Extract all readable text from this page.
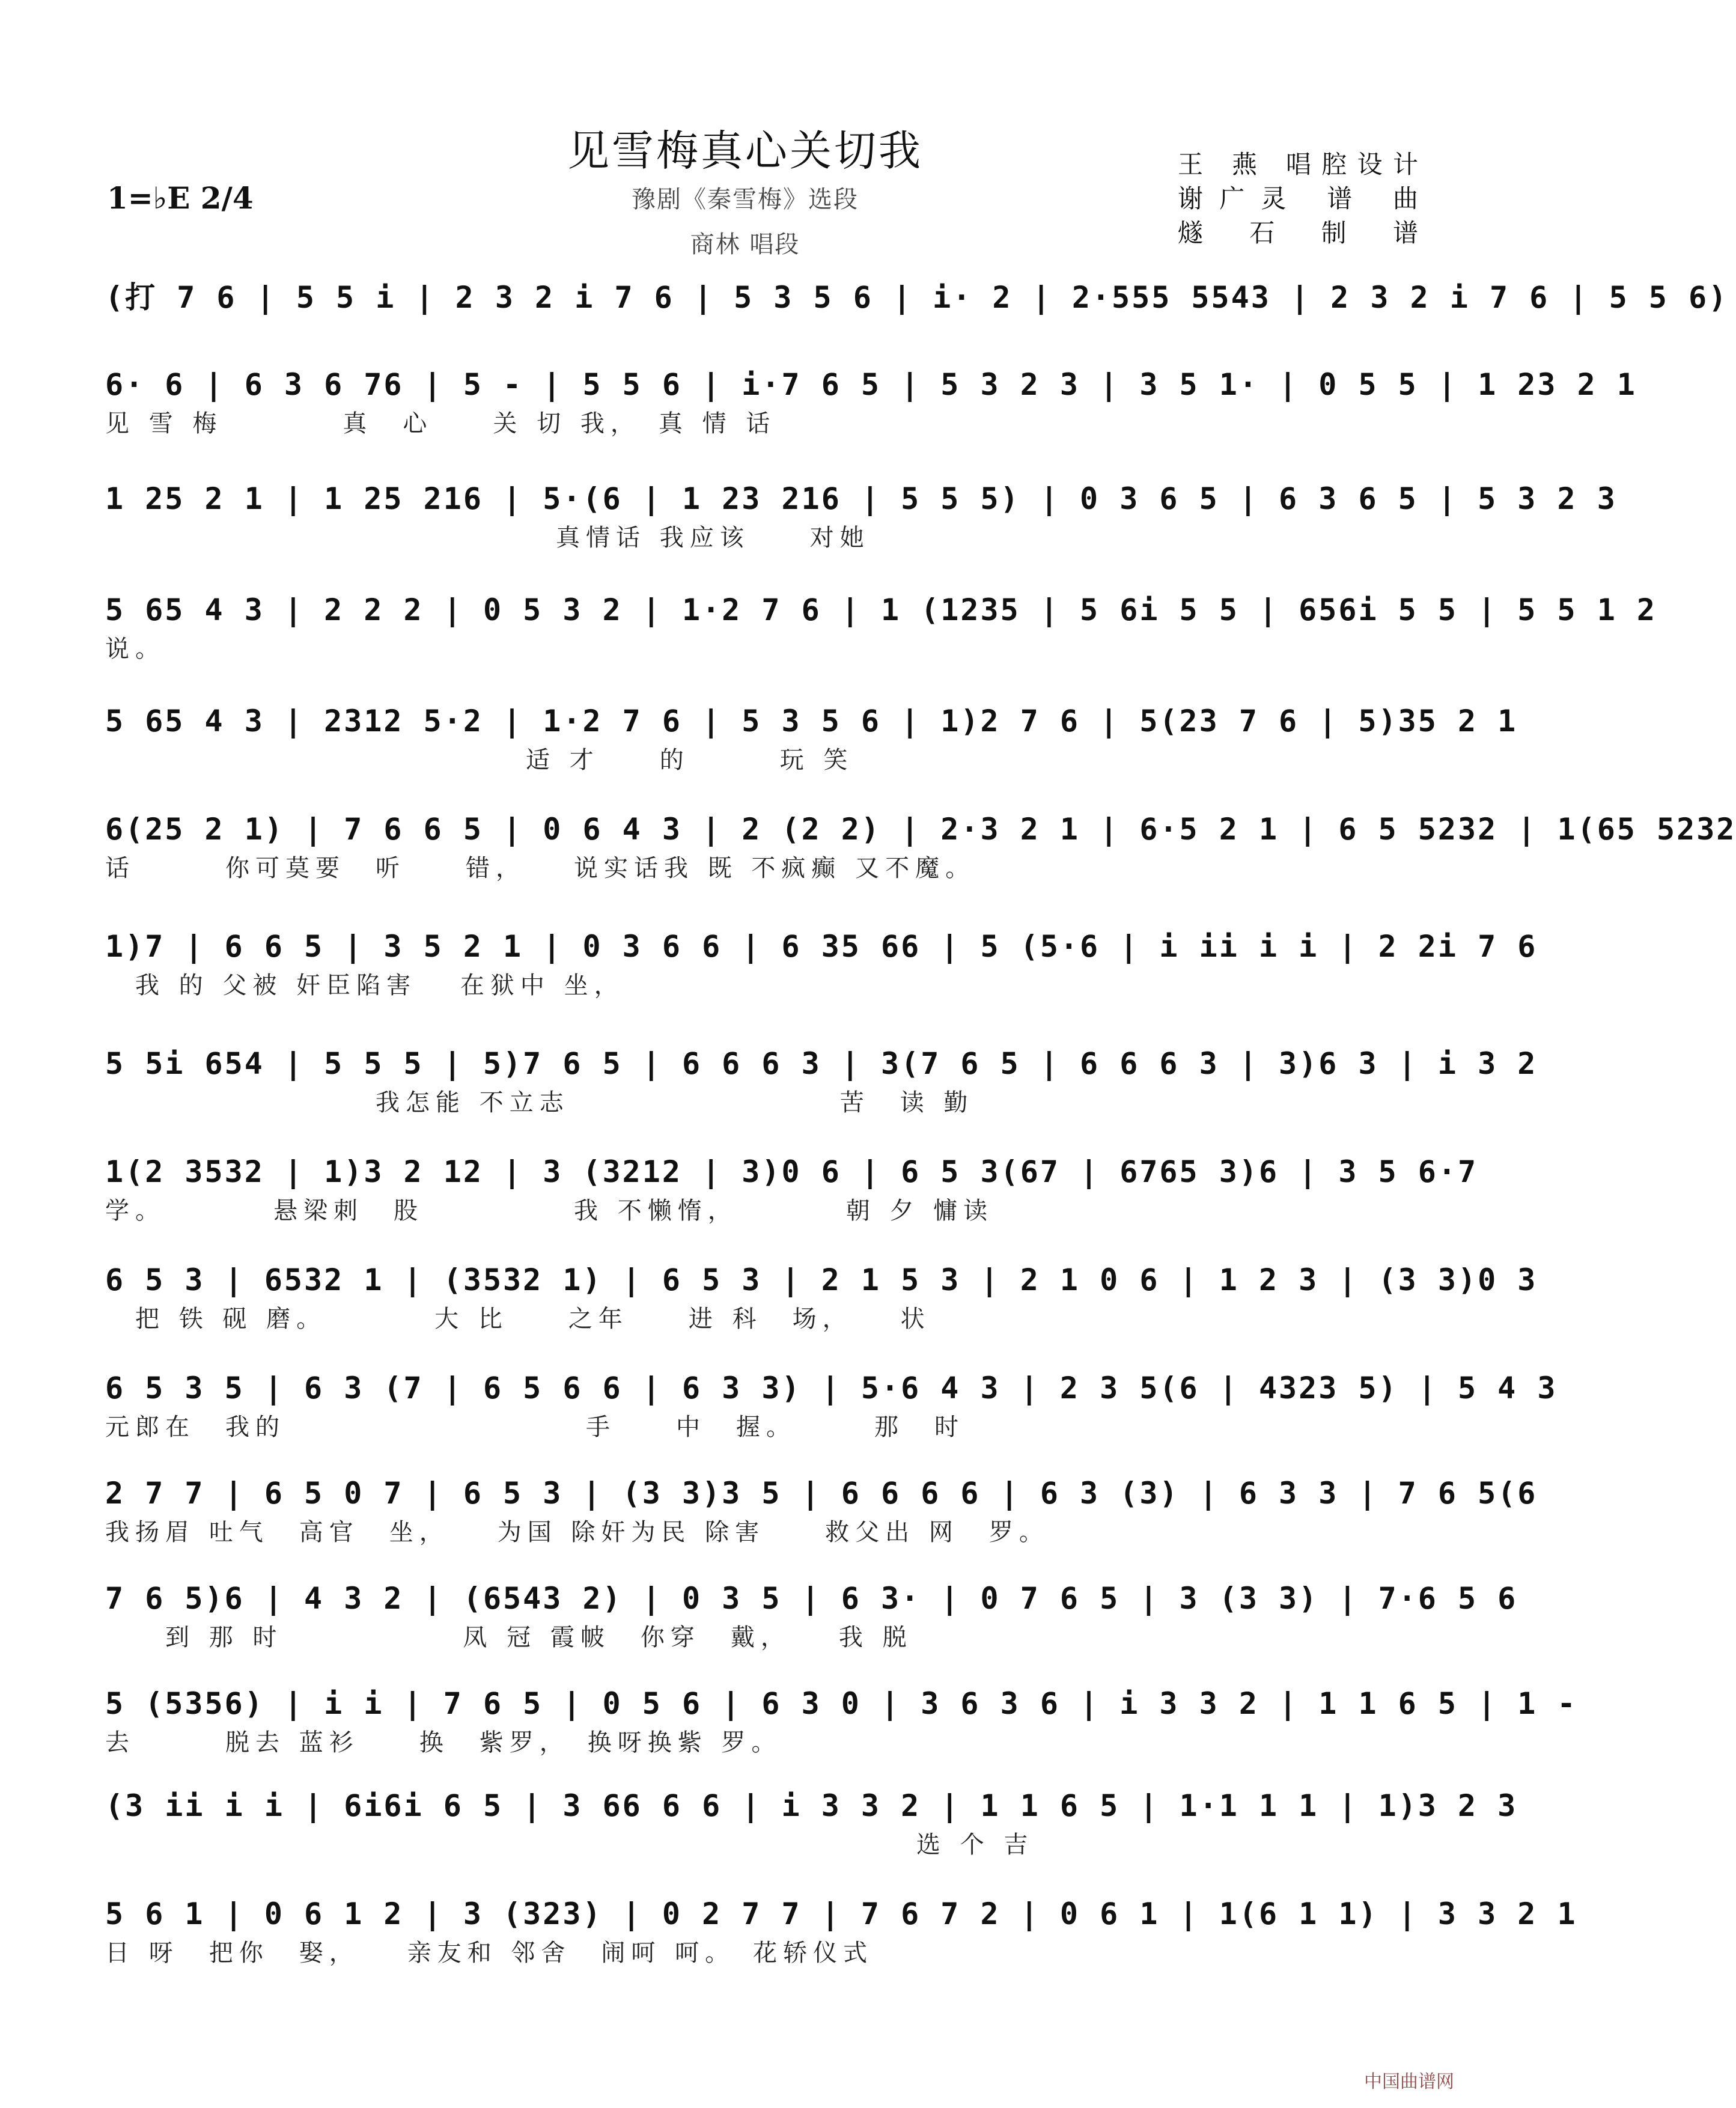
见雪梅真心关切我
豫剧《秦雪梅》选段
商林 唱段
1=♭E 2/4
王 燕 唱腔设计
谢广灵 谱 曲
燧 石 制 谱
(打 7 6 | 5 5 i | 2 3 2 i 7 6 | 5 3 5 6 | i· 2 | 2·555 5543 | 2 3 2 i 7 6 | 5 5 6)
6· 6 | 6 3 6 76 | 5 - | 5 5 6 | i·7 6 5 | 5 3 2 3 | 3 5 1· | 0 5 5 | 1 23 2 1
见 雪 梅　　　　真　心　　关 切 我，　真 情 话
1 25 2 1 | 1 25 216 | 5·(6 | 1 23 216 | 5 5 5) | 0 3 6 5 | 6 3 6 5 | 5 3 2 3
　　　　　　　　　　　　　　　真情话 我应该　　对她
5 65 4 3 | 2 2 2 | 0 5 3 2 | 1·2 7 6 | 1 (1235 | 5 6i 5 5 | 656i 5 5 | 5 5 1 2
说。
5 65 4 3 | 2312 5·2 | 1·2 7 6 | 5 3 5 6 | 1)2 7 6 | 5(23 7 6 | 5)35 2 1
　　　　　　　　　　　　　　适 才　　的　　　玩 笑
6(25 2 1) | 7 6 6 5 | 0 6 4 3 | 2 (2 2) | 2·3 2 1 | 6·5 2 1 | 6 5 5232 | 1(65 5232
话　　　你可莫要　听　　错，　　说实话我 既 不疯癫 又不魔。
1)7 | 6 6 5 | 3 5 2 1 | 0 3 6 6 | 6 35 66 | 5 (5·6 | i ii i i | 2 2i 7 6
　我 的 父被 奸臣陷害 　在狱中 坐，
5 5i 654 | 5 5 5 | 5)7 6 5 | 6 6 6 3 | 3(7 6 5 | 6 6 6 3 | 3)6 3 | i 3 2
　　　　　　　　　我怎能 不立志　　　　　　　　　苦　读 勤
1(2 3532 | 1)3 2 12 | 3 (3212 | 3)0 6 | 6 5 3(67 | 6765 3)6 | 3 5 6·7
学。　　　　悬梁刺　股　　　　　我 不懒惰，　　　　朝 夕 慵读
6 5 3 | 6532 1 | (3532 1) | 6 5 3 | 2 1 5 3 | 2 1 0 6 | 1 2 3 | (3 3)0 3
　把 铁 砚 磨。　　　　大 比　　之年　　进 科　场，　　状
6 5 3 5 | 6 3 (7 | 6 5 6 6 | 6 3 3) | 5·6 4 3 | 2 3 5(6 | 4323 5) | 5 4 3
元郎在　我的　　　　　　　　　　手　　中　握。　　　那　时
2 7 7 | 6 5 0 7 | 6 5 3 | (3 3)3 5 | 6 6 6 6 | 6 3 (3) | 6 3 3 | 7 6 5(6
我扬眉 吐气　高官　坐，　　为国 除奸为民 除害　　救父出 网　罗。
7 6 5)6 | 4 3 2 | (6543 2) | 0 3 5 | 6 3· | 0 7 6 5 | 3 (3 3) | 7·6 5 6
　　到 那 时　　　　　　凤 冠 霞帔　你穿　戴，　　我 脱
5 (5356) | i i | 7 6 5 | 0 5 6 | 6 3 0 | 3 6 3 6 | i 3 3 2 | 1 1 6 5 | 1 -
去　　　脱去 蓝衫　　换　紫罗，　换呀换紫 罗。
(3 ii i i | 6i6i 6 5 | 3 66 6 6 | i 3 3 2 | 1 1 6 5 | 1·1 1 1 | 1)3 2 3
　　　　　　　　　　　　　　　　　　　　　　　　　　　选 个 吉
5 6 1 | 0 6 1 2 | 3 (323) | 0 2 7 7 | 7 6 7 2 | 0 6 1 | 1(6 1 1) | 3 3 2 1
日 呀　把你　娶，　　亲友和 邻舍　闹呵 呵。　花轿仪式
中国曲谱网
